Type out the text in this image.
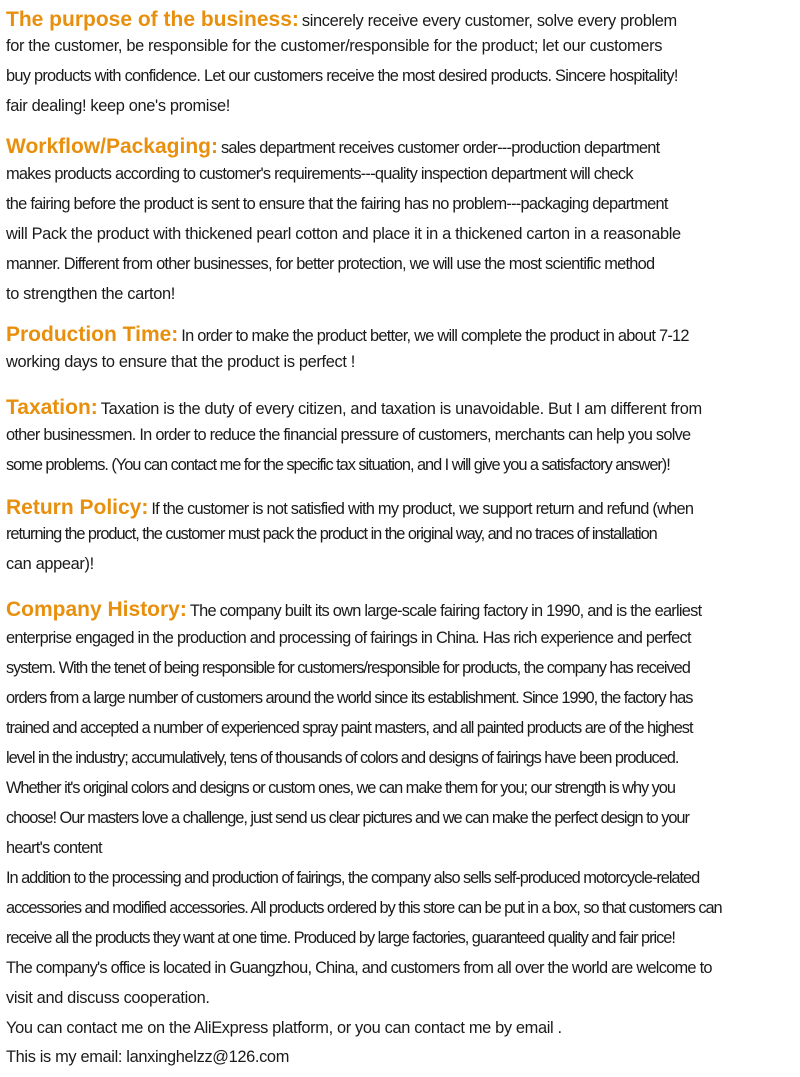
The purpose of the business: sincerely receive every customer, solve every problem
for the customer, be responsible for the customer/responsible for the product; let our customers
buy products with confidence. Let our customers receive the most desired products. Sincere hospitality!
fair dealing! keep one's promise!
Workflow/Packaging: sales department receives customer order---production department
makes products according to customer's requirements---quality inspection department will check
the fairing before the product is sent to ensure that the fairing has no problem---packaging department
will Pack the product with thickened pearl cotton and place it in a thickened carton in a reasonable
manner. Different from other businesses, for better protection, we will use the most scientific method
to strengthen the carton!
Production Time: In order to make the product better, we will complete the product in about 7-12
working days to ensure that the product is perfect !
Taxation: Taxation is the duty of every citizen, and taxation is unavoidable. But I am different from
other businessmen. In order to reduce the financial pressure of customers, merchants can help you solve
some problems. (You can contact me for the specific tax situation, and I will give you a satisfactory answer)!
Return Policy: If the customer is not satisfied with my product, we support return and refund (when
returning the product, the customer must pack the product in the original way, and no traces of installation
can appear)!
Company History: The company built its own large-scale fairing factory in 1990, and is the earliest
enterprise engaged in the production and processing of fairings in China. Has rich experience and perfect
system. With the tenet of being responsible for customers/responsible for products, the company has received
orders from a large number of customers around the world since its establishment. Since 1990, the factory has
trained and accepted a number of experienced spray paint masters, and all painted products are of the highest
level in the industry; accumulatively, tens of thousands of colors and designs of fairings have been produced.
Whether it's original colors and designs or custom ones, we can make them for you; our strength is why you
choose! Our masters love a challenge, just send us clear pictures and we can make the perfect design to your
heart's content
In addition to the processing and production of fairings, the company also sells self-produced motorcycle-related
accessories and modified accessories. All products ordered by this store can be put in a box, so that customers can
receive all the products they want at one time. Produced by large factories, guaranteed quality and fair price!
The company's office is located in Guangzhou, China, and customers from all over the world are welcome to
visit and discuss cooperation.
You can contact me on the AliExpress platform, or you can contact me by email .
This is my email: lanxinghelzz@126.com
